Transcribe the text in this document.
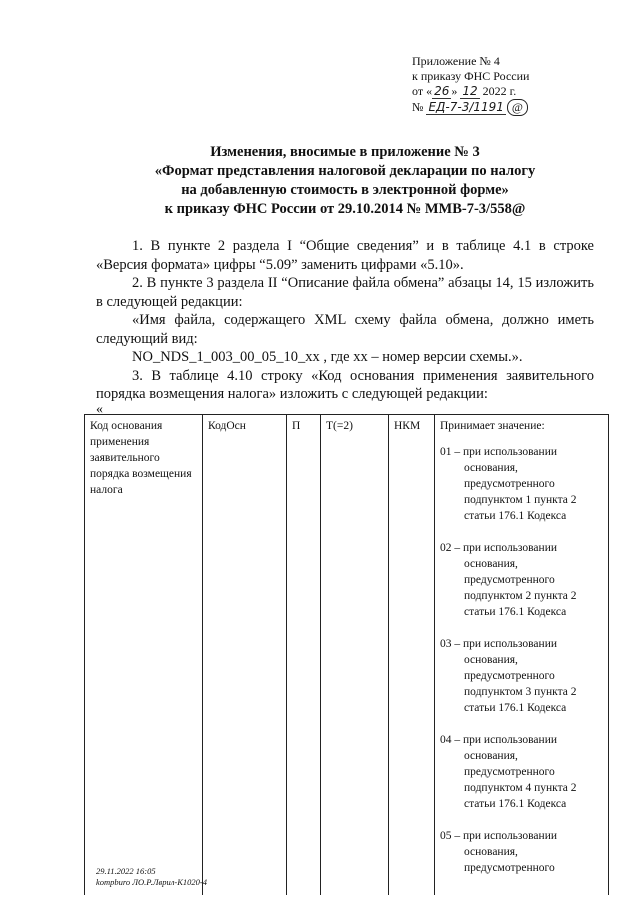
Приложение № 4
к приказу ФНС России
от « 26 » 12 2022 г.
№ ЕД-7-3/1191 @
Изменения, вносимые в приложение № 3
«Формат представления налоговой декларации по налогу
на добавленную стоимость в электронной форме»
к приказу ФНС России от 29.10.2014 № ММВ-7-3/558@
1. В пункте 2 раздела I “Общие сведения” и в таблице 4.1 в строке «Версия формата» цифры “5.09” заменить цифрами «5.10».
2. В пункте 3 раздела II “Описание файла обмена” абзацы 14, 15 изложить в следующей редакции:
«Имя файла, содержащего XML схему файла обмена, должно иметь следующий вид:
NO_NDS_1_003_00_05_10_xx , где xx – номер версии схемы.».
3. В таблице 4.10 строку «Код основания применения заявительного порядка возмещения налога» изложить с следующей редакции:
«
Код основания применения заявительного порядка возмещения налога	КодОсн	П	T(=2)	НКМ	Принимает значение:
01 – при использовании
основания, предусмотренного подпунктом 1 пункта 2 статьи 176.1 Кодекса
02 – при использовании
основания, предусмотренного подпунктом 2 пункта 2 статьи 176.1 Кодекса
03 – при использовании
основания, предусмотренного подпунктом 3 пункта 2 статьи 176.1 Кодекса
04 – при использовании
основания, предусмотренного подпунктом 4 пункта 2 статьи 176.1 Кодекса
05 – при использовании
основания, предусмотренного
29.11.2022 16:05
kompburo ЛО.Р.Лврил-К1020-4
